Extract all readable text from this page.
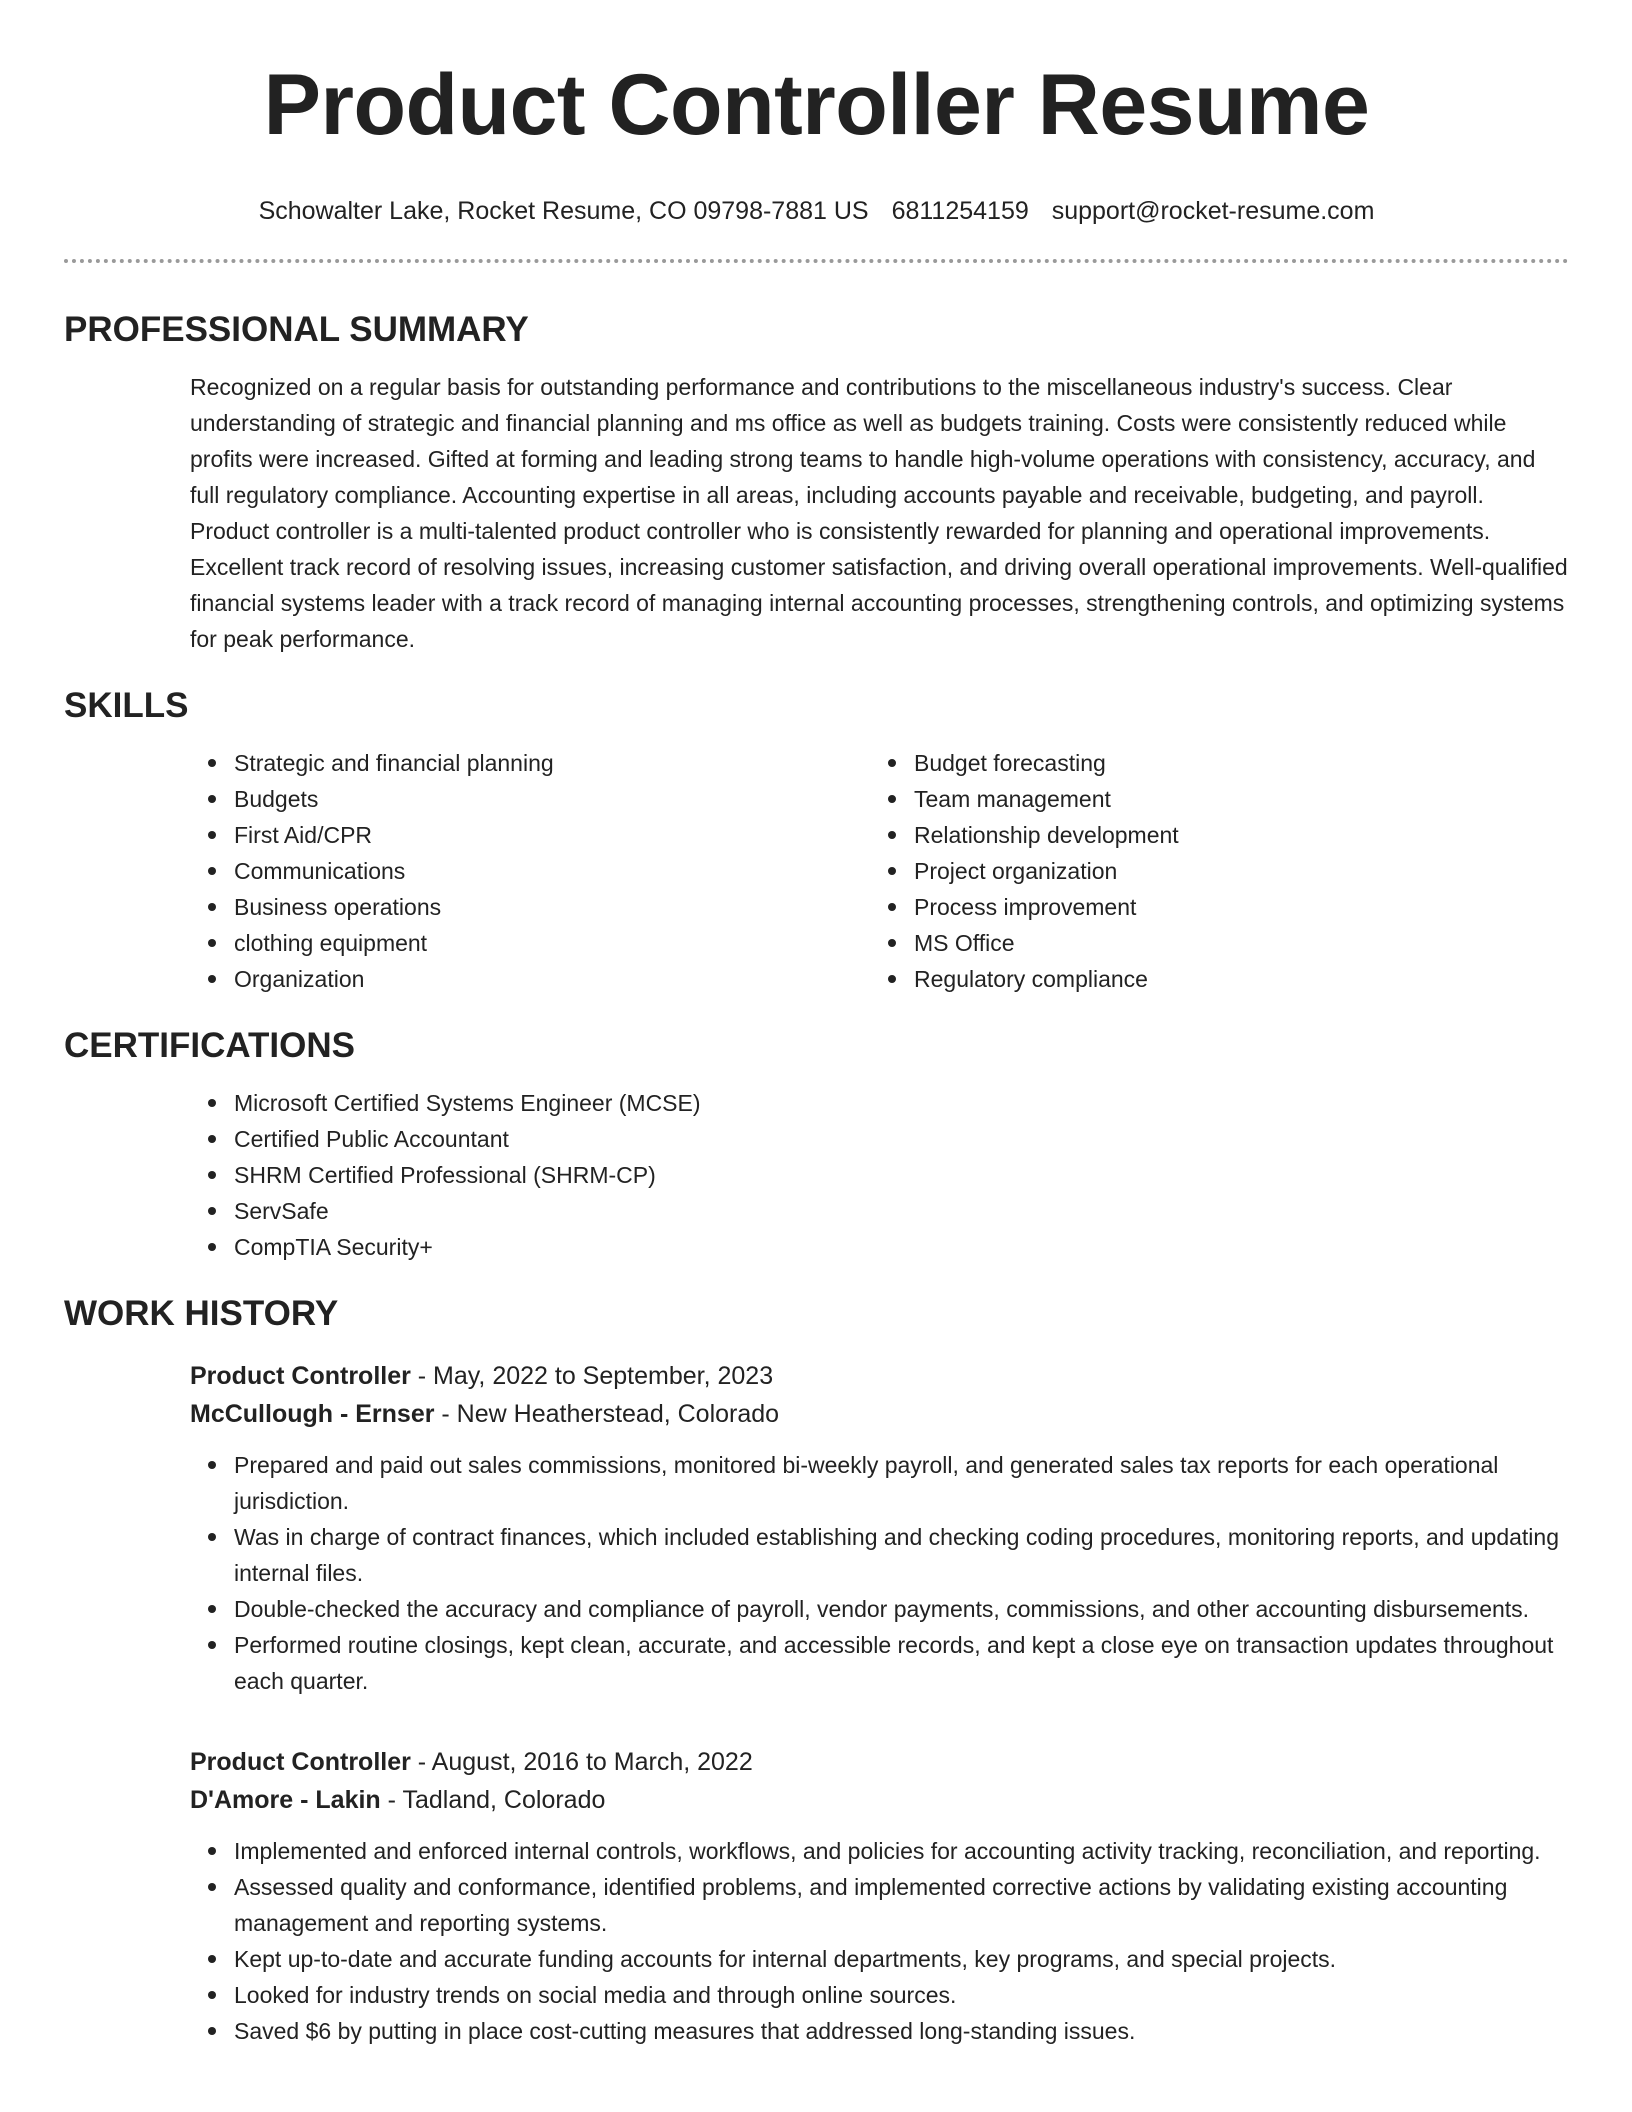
Product Controller Resume
Schowalter Lake, Rocket Resume, CO 09798-7881 US 6811254159 support@rocket-resume.com
PROFESSIONAL SUMMARY

Recognized on a regular basis for outstanding performance and contributions to the miscellaneous industry's success. Clear understanding of strategic and financial planning and ms office as well as budgets training. Costs were consistently reduced while profits were increased. Gifted at forming and leading strong teams to handle high-volume operations with consistency, accuracy, and full regulatory compliance. Accounting expertise in all areas, including accounts payable and receivable, budgeting, and payroll. Product controller is a multi-talented product controller who is consistently rewarded for planning and operational improvements. Excellent track record of resolving issues, increasing customer satisfaction, and driving overall operational improvements. Well-qualified financial systems leader with a track record of managing internal accounting processes, strengthening controls, and optimizing systems for peak performance.

SKILLS
Strategic and financial planning
Budgets
First Aid/CPR
Communications
Business operations
clothing equipment
Organization
Budget forecasting
Team management
Relationship development
Project organization
Process improvement
MS Office
Regulatory compliance
CERTIFICATIONS
Microsoft Certified Systems Engineer (MCSE)
Certified Public Accountant
SHRM Certified Professional (SHRM-CP)
ServSafe
CompTIA Security+
WORK HISTORY
Product Controller - May, 2022 to September, 2023
McCullough - Ernser - New Heatherstead, Colorado
Prepared and paid out sales commissions, monitored bi-weekly payroll, and generated sales tax reports for each operational jurisdiction.
Was in charge of contract finances, which included establishing and checking coding procedures, monitoring reports, and updating internal files.
Double-checked the accuracy and compliance of payroll, vendor payments, commissions, and other accounting disbursements.
Performed routine closings, kept clean, accurate, and accessible records, and kept a close eye on transaction updates throughout each quarter.
Product Controller - August, 2016 to March, 2022
D'Amore - Lakin - Tadland, Colorado
Implemented and enforced internal controls, workflows, and policies for accounting activity tracking, reconciliation, and reporting.
Assessed quality and conformance, identified problems, and implemented corrective actions by validating existing accounting management and reporting systems.
Kept up-to-date and accurate funding accounts for internal departments, key programs, and special projects.
Looked for industry trends on social media and through online sources.
Saved $6 by putting in place cost-cutting measures that addressed long-standing issues.
